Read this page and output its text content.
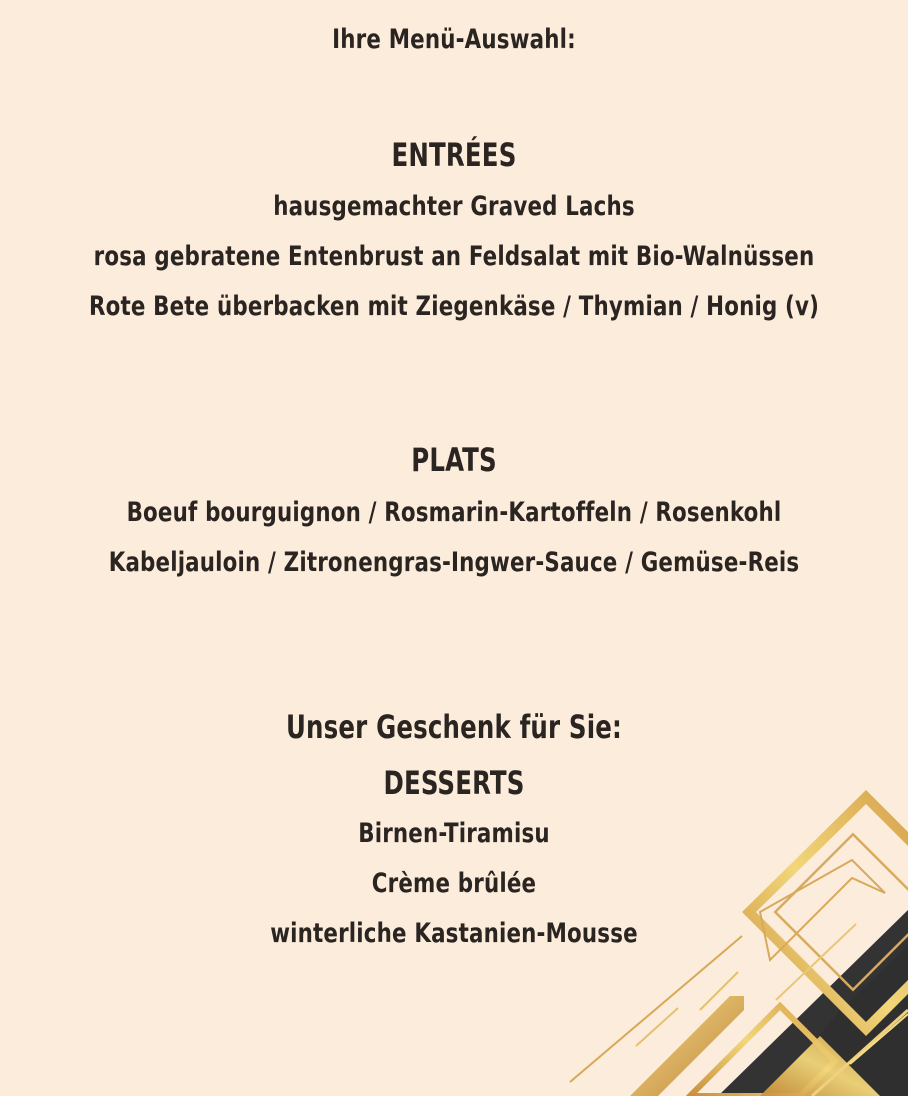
Ihre Menü-Auswahl:
ENTRÉES
hausgemachter Graved Lachs
rosa gebratene Entenbrust an Feldsalat mit Bio-Walnüssen
Rote Bete überbacken mit Ziegenkäse / Thymian / Honig (v)
PLATS
Boeuf bourguignon / Rosmarin-Kartoffeln / Rosenkohl
Kabeljauloin / Zitronengras-Ingwer-Sauce / Gemüse-Reis
Unser Geschenk für Sie:
DESSERTS
Birnen-Tiramisu
Crème brûlée
winterliche Kastanien-Mousse
